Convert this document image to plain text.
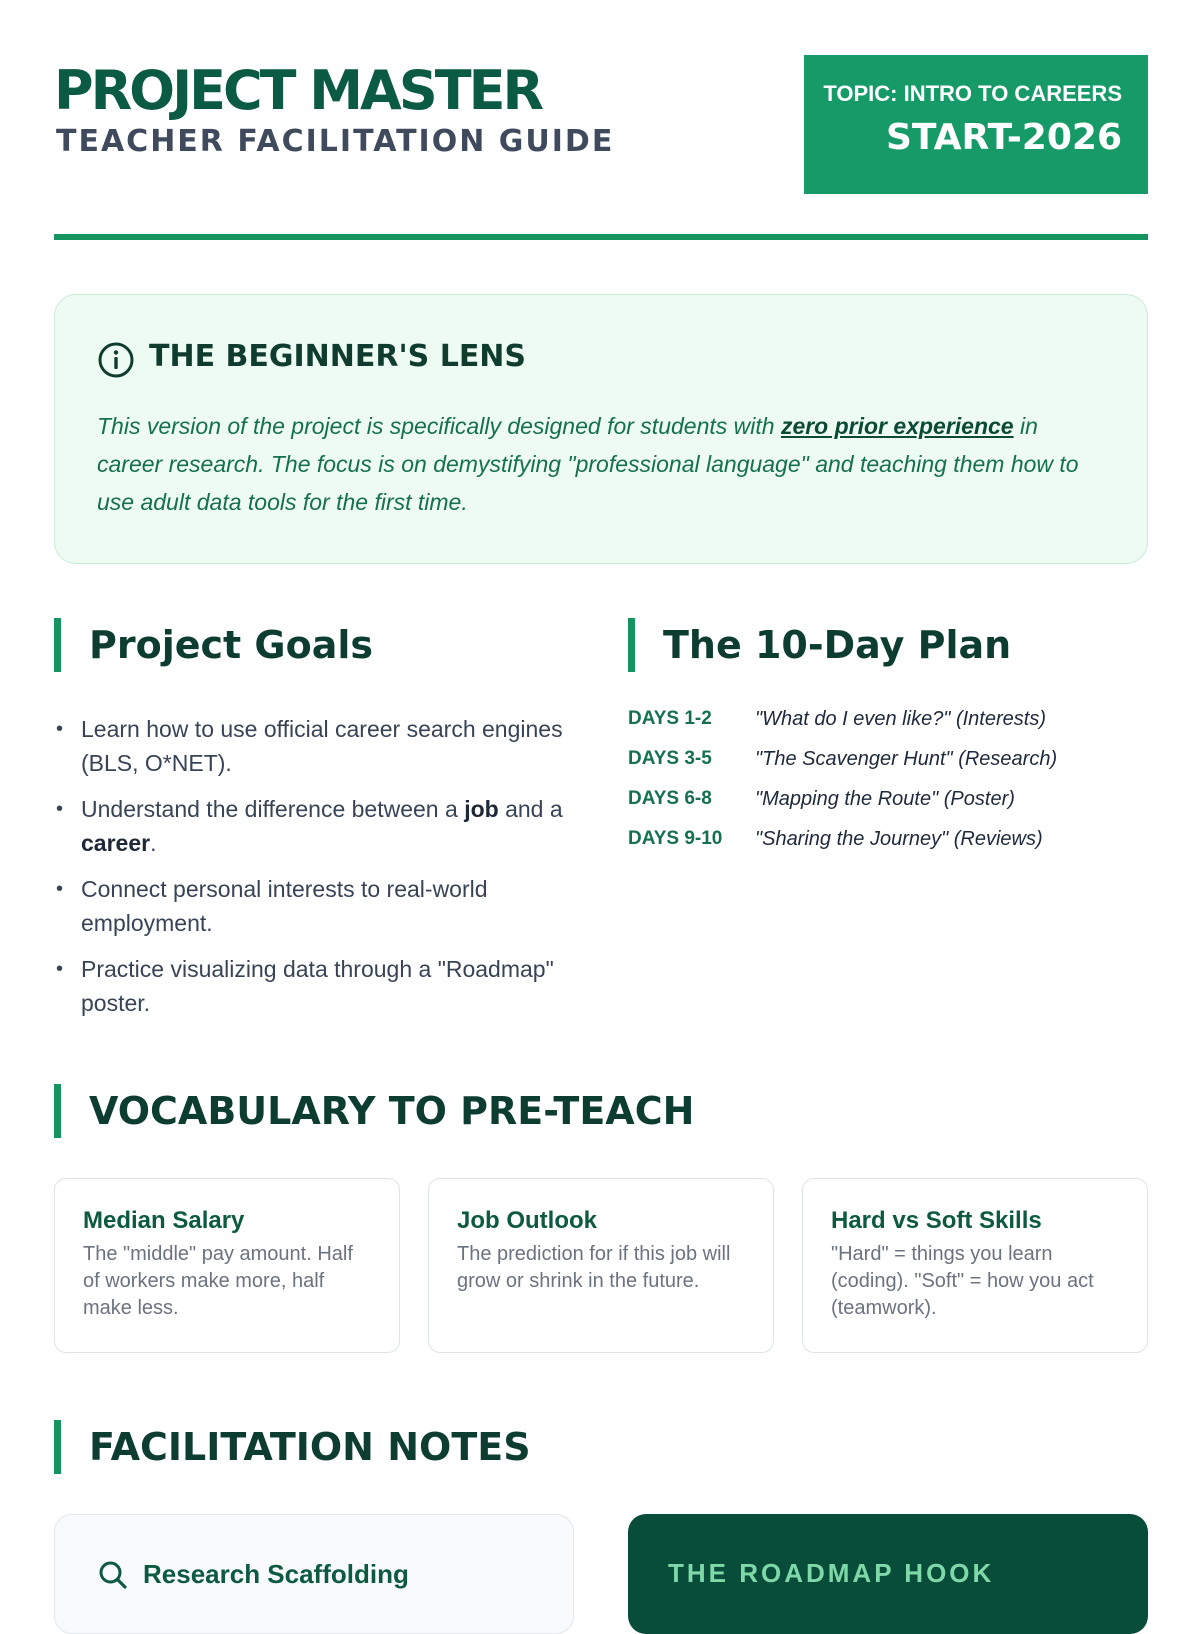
PROJECT MASTER
TEACHER FACILITATION GUIDE
TOPIC: INTRO TO CAREERS
START-2026
THE BEGINNER'S LENS

This version of the project is specifically designed for students with zero prior experience in career research. The focus is on demystifying "professional language" and teaching them how to use adult data tools for the first time.

Project Goals
• Learn how to use official career search engines (BLS, O*NET).
• Understand the difference between a job and a career.
• Connect personal interests to real-world employment.
• Practice visualizing data through a "Roadmap" poster.
The 10-Day Plan
DAYS 1-2 "What do I even like?" (Interests)
DAYS 3-5 "The Scavenger Hunt" (Research)
DAYS 6-8 "Mapping the Route" (Poster)
DAYS 9-10 "Sharing the Journey" (Reviews)
VOCABULARY TO PRE-TEACH

Median Salary

The "middle" pay amount. Half of workers make more, half make less.

Job Outlook

The prediction for if this job will grow or shrink in the future.

Hard vs Soft Skills

"Hard" = things you learn (coding). "Soft" = how you act (teamwork).

FACILITATION NOTES
Research Scaffolding	THE ROADMAP HOOK
